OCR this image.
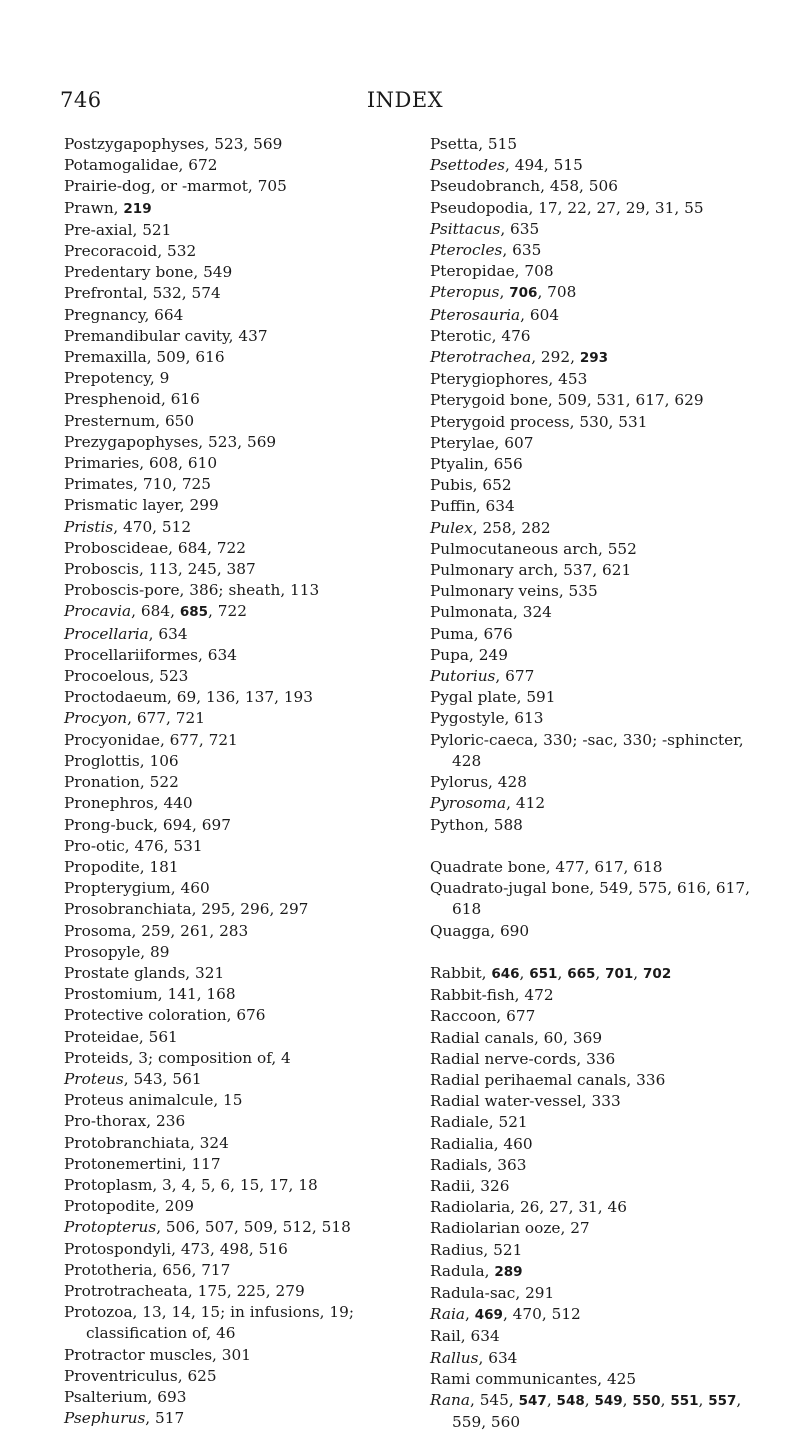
746	INDEX
Postzygapophyses, 523, 569
Potamogalidae, 672
Prairie-dog, or -marmot, 705
Prawn, 219
Pre-axial, 521
Precoracoid, 532
Predentary bone, 549
Prefrontal, 532, 574
Pregnancy, 664
Premandibular cavity, 437
Premaxilla, 509, 616
Prepotency, 9
Presphenoid, 616
Presternum, 650
Prezygapophyses, 523, 569
Primaries, 608, 610
Primates, 710, 725
Prismatic layer, 299
Pristis, 470, 512
Proboscideae, 684, 722
Proboscis, 113, 245, 387
Proboscis-pore, 386; sheath, 113
Procavia, 684, 685, 722
Procellaria, 634
Procellariiformes, 634
Procoelous, 523
Proctodaeum, 69, 136, 137, 193
Procyon, 677, 721
Procyonidae, 677, 721
Proglottis, 106
Pronation, 522
Pronephros, 440
Prong-buck, 694, 697
Pro-otic, 476, 531
Propodite, 181
Propterygium, 460
Prosobranchiata, 295, 296, 297
Prosoma, 259, 261, 283
Prosopyle, 89
Prostate glands, 321
Prostomium, 141, 168
Protective coloration, 676
Proteidae, 561
Proteids, 3; composition of, 4
Proteus, 543, 561
Proteus animalcule, 15
Pro-thorax, 236
Protobranchiata, 324
Protonemertini, 117
Protoplasm, 3, 4, 5, 6, 15, 17, 18
Protopodite, 209
Protopterus, 506, 507, 509, 512, 518
Protospondyli, 473, 498, 516
Prototheria, 656, 717
Protrotracheata, 175, 225, 279
Protozoa, 13, 14, 15; in infusions, 19; classification of, 46
Protractor muscles, 301
Proventriculus, 625
Psalterium, 693
Psephurus, 517
Psetta, 515
Psettodes, 494, 515
Pseudobranch, 458, 506
Pseudopodia, 17, 22, 27, 29, 31, 55
Psittacus, 635
Pterocles, 635
Pteropidae, 708
Pteropus, 706, 708
Pterosauria, 604
Pterotic, 476
Pterotrachea, 292, 293
Pterygiophores, 453
Pterygoid bone, 509, 531, 617, 629
Pterygoid process, 530, 531
Pterylae, 607
Ptyalin, 656
Pubis, 652
Puffin, 634
Pulex, 258, 282
Pulmocutaneous arch, 552
Pulmonary arch, 537, 621
Pulmonary veins, 535
Pulmonata, 324
Puma, 676
Pupa, 249
Putorius, 677
Pygal plate, 591
Pygostyle, 613
Pyloric-caeca, 330; -sac, 330; -sphincter, 428
Pylorus, 428
Pyrosoma, 412
Python, 588
Quadrate bone, 477, 617, 618
Quadrato-jugal bone, 549, 575, 616, 617, 618
Quagga, 690
Rabbit, 646, 651, 665, 701, 702
Rabbit-fish, 472
Raccoon, 677
Radial canals, 60, 369
Radial nerve-cords, 336
Radial perihaemal canals, 336
Radial water-vessel, 333
Radiale, 521
Radialia, 460
Radials, 363
Radii, 326
Radiolaria, 26, 27, 31, 46
Radiolarian ooze, 27
Radius, 521
Radula, 289
Radula-sac, 291
Raia, 469, 470, 512
Rail, 634
Rallus, 634
Rami communicantes, 425
Rana, 545, 547, 548, 549, 550, 551, 557, 559, 560
